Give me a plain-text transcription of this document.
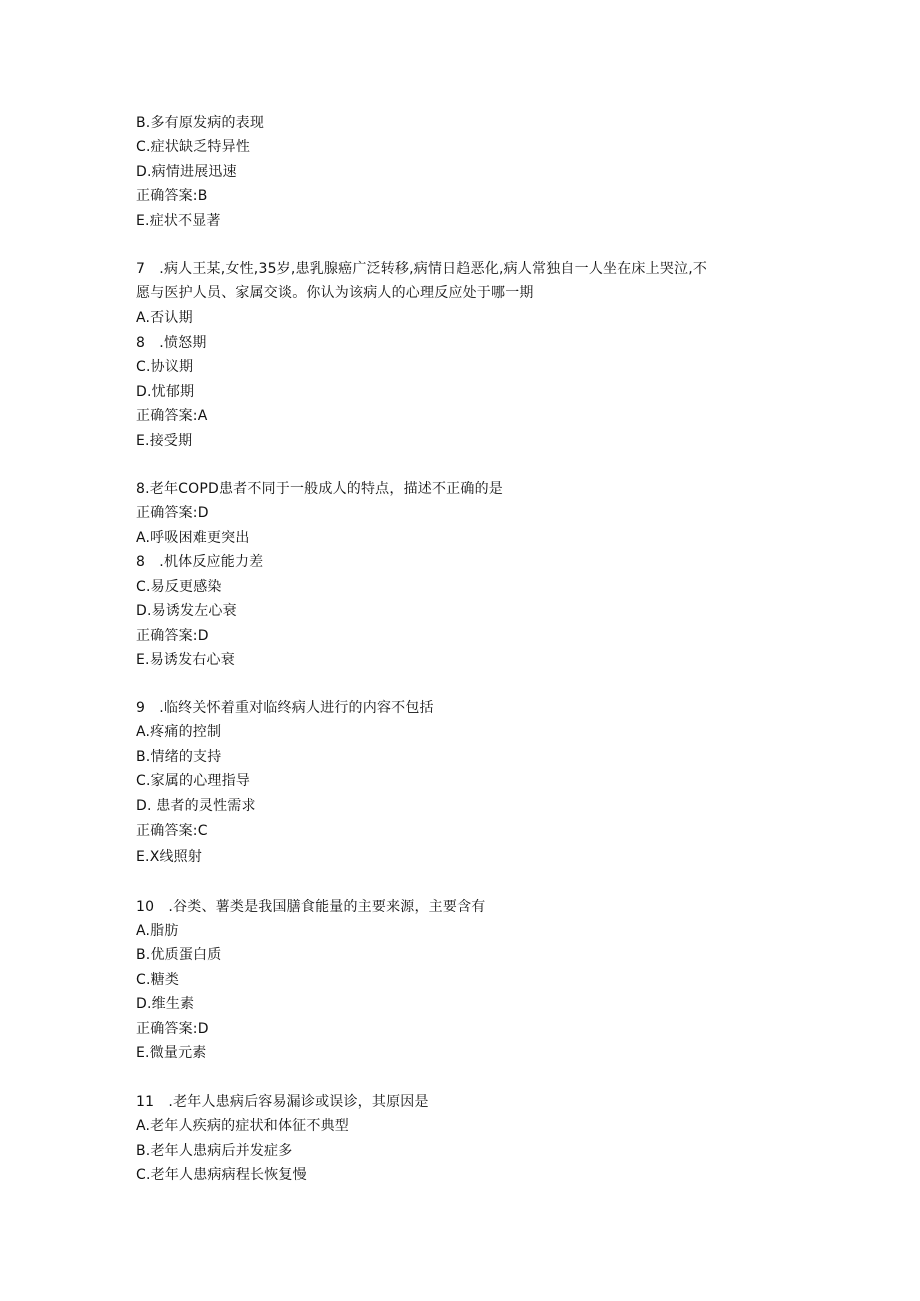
B.多有原发病的表现
C.症状缺乏特异性
D.病情进展迅速
正确答案:B
E.症状不显著
7　.病人王某,女性,35岁,患乳腺癌广泛转移,病情日趋恶化,病人常独自一人坐在床上哭泣,不
愿与医护人员、家属交谈。你认为该病人的心理反应处于哪一期
A.否认期
8　.愤怒期
C.协议期
D.忧郁期
正确答案:A
E.接受期
8.老年COPD患者不同于一般成人的特点，描述不正确的是
正确答案:D
A.呼吸困难更突出
8　.机体反应能力差
C.易反更感染
D.易诱发左心衰
正确答案:D
E.易诱发右心衰
9　.临终关怀着重对临终病人进行的内容不包括
A.疼痛的控制
B.情绪的支持
C.家属的心理指导
D. 患者的灵性需求
正确答案:C
E.X线照射
10　.谷类、薯类是我国膳食能量的主要来源，主要含有
A.脂肪
B.优质蛋白质
C.糖类
D.维生素
正确答案:D
E.微量元素
11　.老年人患病后容易漏诊或误诊，其原因是
A.老年人疾病的症状和体征不典型
B.老年人患病后并发症多
C.老年人患病病程长恢复慢
